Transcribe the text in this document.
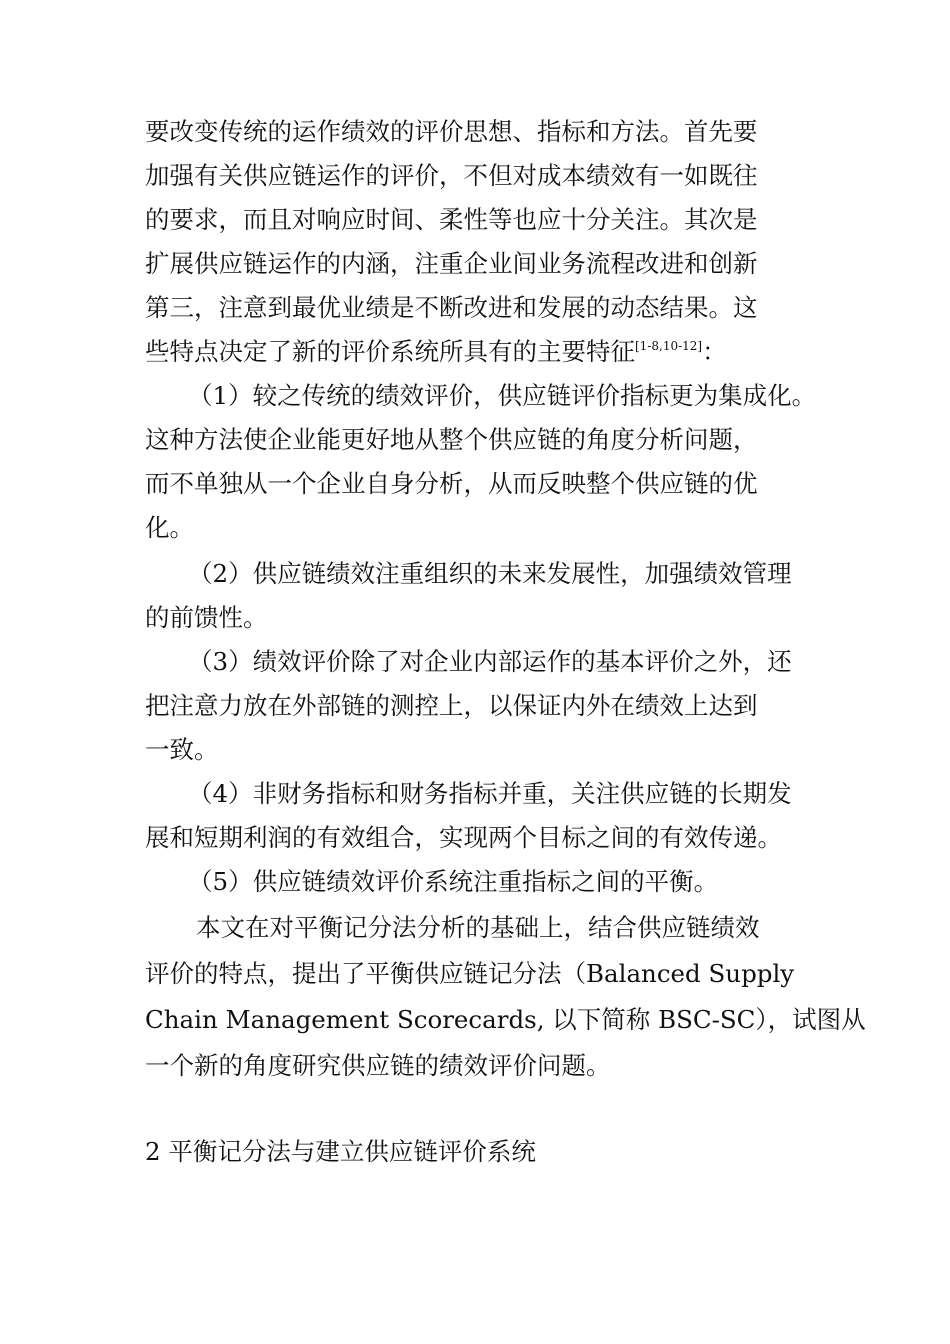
要改变传统的运作绩效的评价思想、指标和方法。首先要
加强有关供应链运作的评价，不但对成本绩效有一如既往
的要求，而且对响应时间、柔性等也应十分关注。其次是
扩展供应链运作的内涵，注重企业间业务流程改进和创新
第三，注意到最优业绩是不断改进和发展的动态结果。这
些特点决定了新的评价系统所具有的主要特征[1-8,10-12]：
（1）较之传统的绩效评价，供应链评价指标更为集成化。
这种方法使企业能更好地从整个供应链的角度分析问题，
而不单独从一个企业自身分析，从而反映整个供应链的优
化。
（2）供应链绩效注重组织的未来发展性，加强绩效管理
的前馈性。
（3）绩效评价除了对企业内部运作的基本评价之外，还
把注意力放在外部链的测控上，以保证内外在绩效上达到
一致。
（4）非财务指标和财务指标并重，关注供应链的长期发
展和短期利润的有效组合，实现两个目标之间的有效传递。
（5）供应链绩效评价系统注重指标之间的平衡。
本文在对平衡记分法分析的基础上，结合供应链绩效
评价的特点，提出了平衡供应链记分法（Balanced Supply
Chain Management Scorecards, 以下简称 BSC-SC），试图从
一个新的角度研究供应链的绩效评价问题。
2 平衡记分法与建立供应链评价系统
